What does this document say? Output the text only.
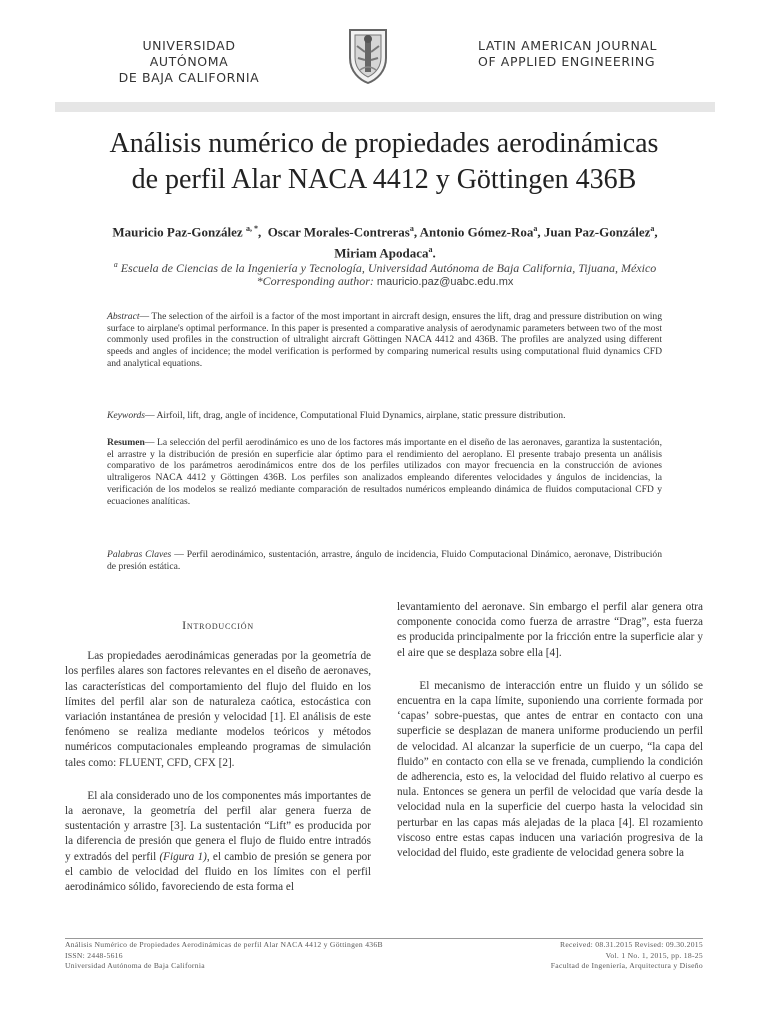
UNIVERSIDAD AUTÓNOMA
DE BAJA CALIFORNIA
LATIN AMERICAN JOURNAL
OF APPLIED ENGINEERING
Análisis numérico de propiedades aerodinámicas
de perfil Alar NACA 4412 y Göttingen 436B
Mauricio Paz-González $^{a, *}$,  Oscar Morales-Contreras$^a$, Antonio Gómez-Roa$^a$, Juan Paz-González$^a$, Miriam Apodaca$^a$.
$^a$ Escuela de Ciencias de la Ingeniería y Tecnología, Universidad Autónoma de Baja California, Tijuana, México
*Corresponding author: mauricio.paz@uabc.edu.mx
Abstract— The selection of the airfoil is a factor of the most important in aircraft design, ensures the lift, drag and pressure distribution on wing surface to airplane's optimal performance. In this paper is presented a comparative analysis of aerodynamic parameters between two of the most commonly used profiles in the construction of ultralight aircraft Göttingen NACA 4412 and 436B. The profiles are analyzed using different speeds and angles of incidence; the model verification is performed by comparing numerical results using computational fluid dynamics CFD and analytical equations.
Keywords— Airfoil, lift, drag, angle of incidence, Computational Fluid Dynamics, airplane, static pressure distribution.
Resumen— La selección del perfil aerodinámico es uno de los factores más importante en el diseño de las aeronaves, garantiza la sustentación, el arrastre y la distribución de presión en superficie alar óptimo para el rendimiento del aeroplano. El presente trabajo presenta un análisis comparativo de los parámetros aerodinámicos entre dos de los perfiles utilizados con mayor frecuencia en la construcción de aviones ultraligeros NACA 4412 y Göttingen 436B. Los perfiles son analizados empleando diferentes velocidades y ángulos de incidencias, la verificación de los modelos se realizó mediante comparación de resultados numéricos empleando dinámica de fluidos computacional CFD y ecuaciones analíticas.
Palabras Claves — Perfil aerodinámico, sustentación, arrastre, ángulo de incidencia, Fluido Computacional Dinámico, aeronave, Distribución de presión estática.

Introducción

  Las propiedades aerodinámicas generadas por la geometría de los perfiles alares son factores relevantes en el diseño de aeronaves, las características del comportamiento del flujo del fluido en los límites del perfil alar son de naturaleza caótica, estocástica con variación instantánea de presión y velocidad [1]. El análisis de este fenómeno se realiza mediante modelos teóricos y métodos numéricos computacionales empleando programas de simulación tales como: FLUENT, CFD, CFX [2].

  El ala considerado uno de los componentes más importantes de la aeronave, la geometría del perfil alar genera fuerza de sustentación y arrastre [3]. La sustentación “Lift” es producida por la diferencia de presión que genera el flujo de fluido entre intradós y extradós del perfil (Figura 1), el cambio de presión se genera por el cambio de velocidad del fluido en los límites con el perfil aerodinámico sólido, favoreciendo de esta forma el

levantamiento del aeronave. Sin embargo el perfil alar genera otra componente conocida como fuerza de arrastre “Drag”, esta fuerza es producida principalmente por la fricción entre la superficie alar y el aire que se desplaza sobre ella [4].

  El mecanismo de interacción entre un fluido y un sólido se encuentra en la capa límite, suponiendo una corriente formada por ‘capas’ sobre-puestas, que antes de entrar en contacto con una superficie se desplazan de manera uniforme produciendo un perfil de velocidad. Al alcanzar la superficie de un cuerpo, “la capa del fluido” en contacto con ella se ve frenada, cumpliendo la condición de adherencia, esto es, la velocidad del fluido relativo al cuerpo es nula. Entonces se genera un perfil de velocidad que varía desde la velocidad nula en la superficie del cuerpo hasta la velocidad sin perturbar en las capas más alejadas de la placa [4]. El rozamiento viscoso entre estas capas inducen una variación progresiva de la velocidad del fluido, este gradiente de velocidad genera sobre la

Análisis Numérico de Propiedades Aerodinámicas de perfil Alar NACA 4412 y Göttingen 436B
ISSN: 2448-5616
Universidad Autónoma de Baja California
Received: 08.31.2015 Revised: 09.30.2015
Vol. 1 No. 1, 2015, pp. 18-25
Facultad de Ingeniería, Arquitectura y Diseño
